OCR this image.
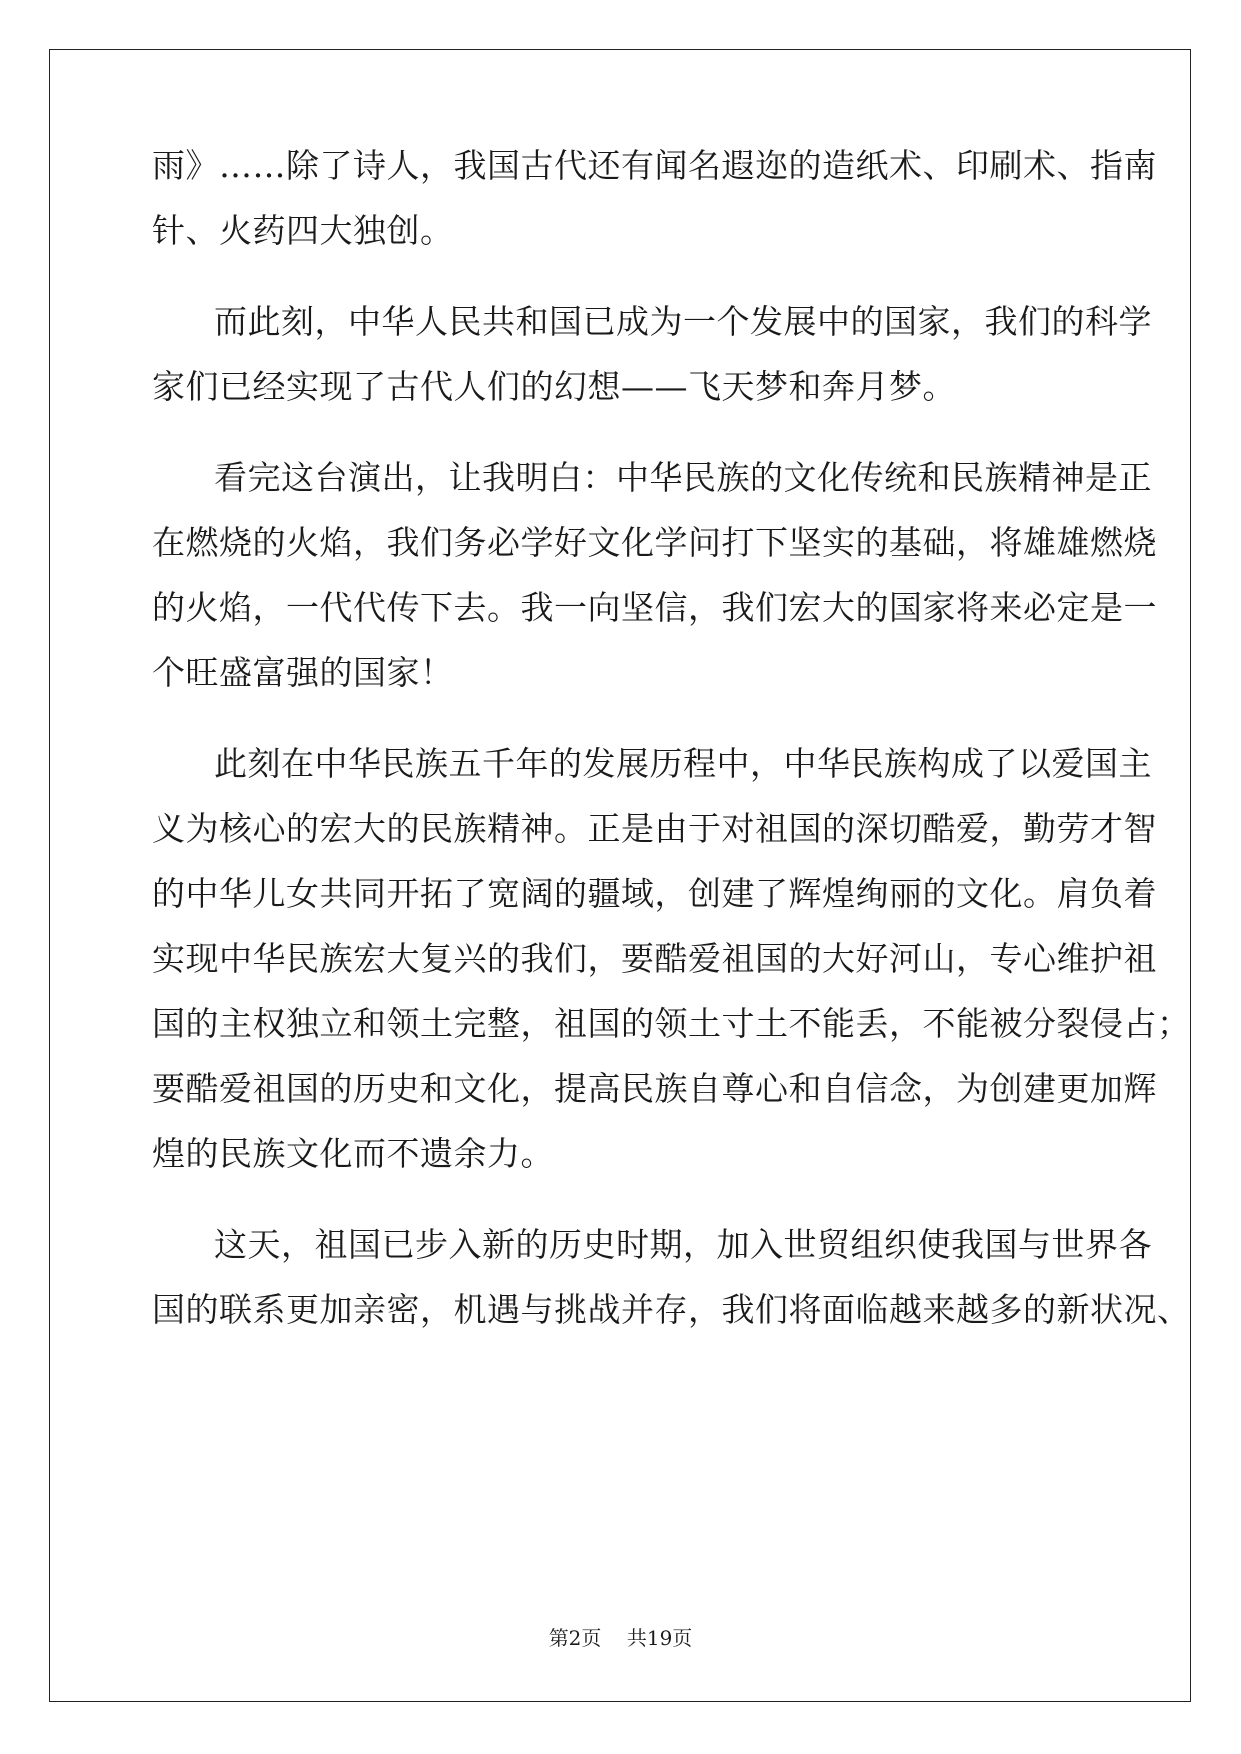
雨》……除了诗人，我国古代还有闻名遐迩的造纸术、印刷术、指南
针、火药四大独创。
而此刻，中华人民共和国已成为一个发展中的国家，我们的科学
家们已经实现了古代人们的幻想——飞天梦和奔月梦。
看完这台演出，让我明白：中华民族的文化传统和民族精神是正
在燃烧的火焰，我们务必学好文化学问打下坚实的基础，将雄雄燃烧
的火焰，一代代传下去。我一向坚信，我们宏大的国家将来必定是一
个旺盛富强的国家！
此刻在中华民族五千年的发展历程中，中华民族构成了以爱国主
义为核心的宏大的民族精神。正是由于对祖国的深切酷爱，勤劳才智
的中华儿女共同开拓了宽阔的疆域，创建了辉煌绚丽的文化。肩负着
实现中华民族宏大复兴的我们，要酷爱祖国的大好河山，专心维护祖
国的主权独立和领土完整，祖国的领土寸土不能丢，不能被分裂侵占；
要酷爱祖国的历史和文化，提高民族自尊心和自信念，为创建更加辉
煌的民族文化而不遗余力。
这天，祖国已步入新的历史时期，加入世贸组织使我国与世界各
国的联系更加亲密，机遇与挑战并存，我们将面临越来越多的新状况、
第2页    共19页
